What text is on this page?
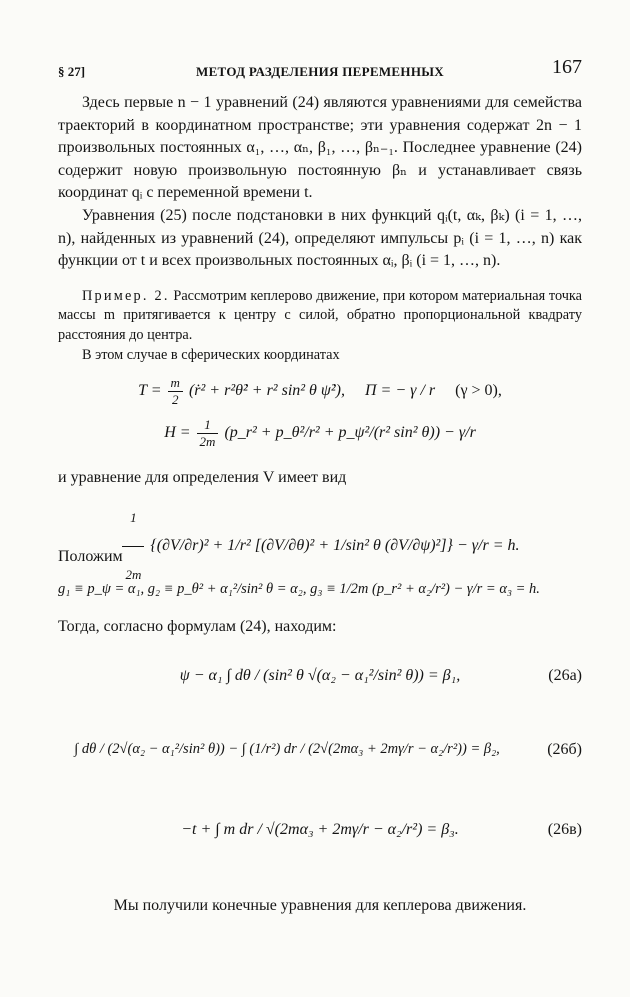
§ 27]	МЕТОД РАЗДЕЛЕНИЯ ПЕРЕМЕННЫХ	167

Здесь первые n − 1 уравнений (24) являются уравнениями для семейства траекторий в координатном пространстве; эти уравнения содержат 2n − 1 произвольных постоянных α₁, …, αₙ, β₁, …, βₙ₋₁. Последнее уравнение (24) содержит новую произвольную постоянную βₙ и устанавливает связь координат qᵢ с переменной времени t.

Уравнения (25) после подстановки в них функций qᵢ(t, αₖ, βₖ) (i = 1, …, n), найденных из уравнений (24), определяют импульсы pᵢ (i = 1, …, n) как функции от t и всех произвольных постоянных αᵢ, βᵢ (i = 1, …, n).

Пример. 2. Рассмотрим кеплерово движение, при котором материальная точка массы m притягивается к центру с силой, обратно пропорциональной квадрату расстояния до центра.

В этом случае в сферических координатах

$T = \frac{m}{2}$ (ṙ² + r²θ̇² + r² sin² θ ψ̇²), Π = − γ / r (γ > 0),
$H = \frac{1}{2m}$ (p_r² + p_θ²/r² + p_ψ²/(r² sin² θ)) − γ/r

и уравнение для определения V имеет вид

$\frac{1}{2m} \{(\partial V/\partial r)^2 + 1/r^2$ [(∂V/∂θ)² + 1/sin² θ (∂V/∂ψ)²]} − γ/r = h.

Положим

g₁ ≡ p_ψ = α₁, g₂ ≡ p_θ² + α₁²/sin² θ = α₂, g₃ ≡ 1/2m (p_r² + α₂/r²) − γ/r = α₃ = h.

Тогда, согласно формулам (24), находим:

ψ − α₁ ∫ dθ / (sin² θ √(α₂ − α₁²/sin² θ)) = β₁,	(26а)
∫ dθ / (2√(α₂ − α₁²/sin² θ)) − ∫ (1/r²) dr / (2√(2mα₃ + 2mγ/r − α₂/r²)) = β₂,	(26б)
−t + ∫ m dr / √(2mα₃ + 2mγ/r − α₂/r²) = β₃.	(26в)

Мы получили конечные уравнения для кеплерова движения.
